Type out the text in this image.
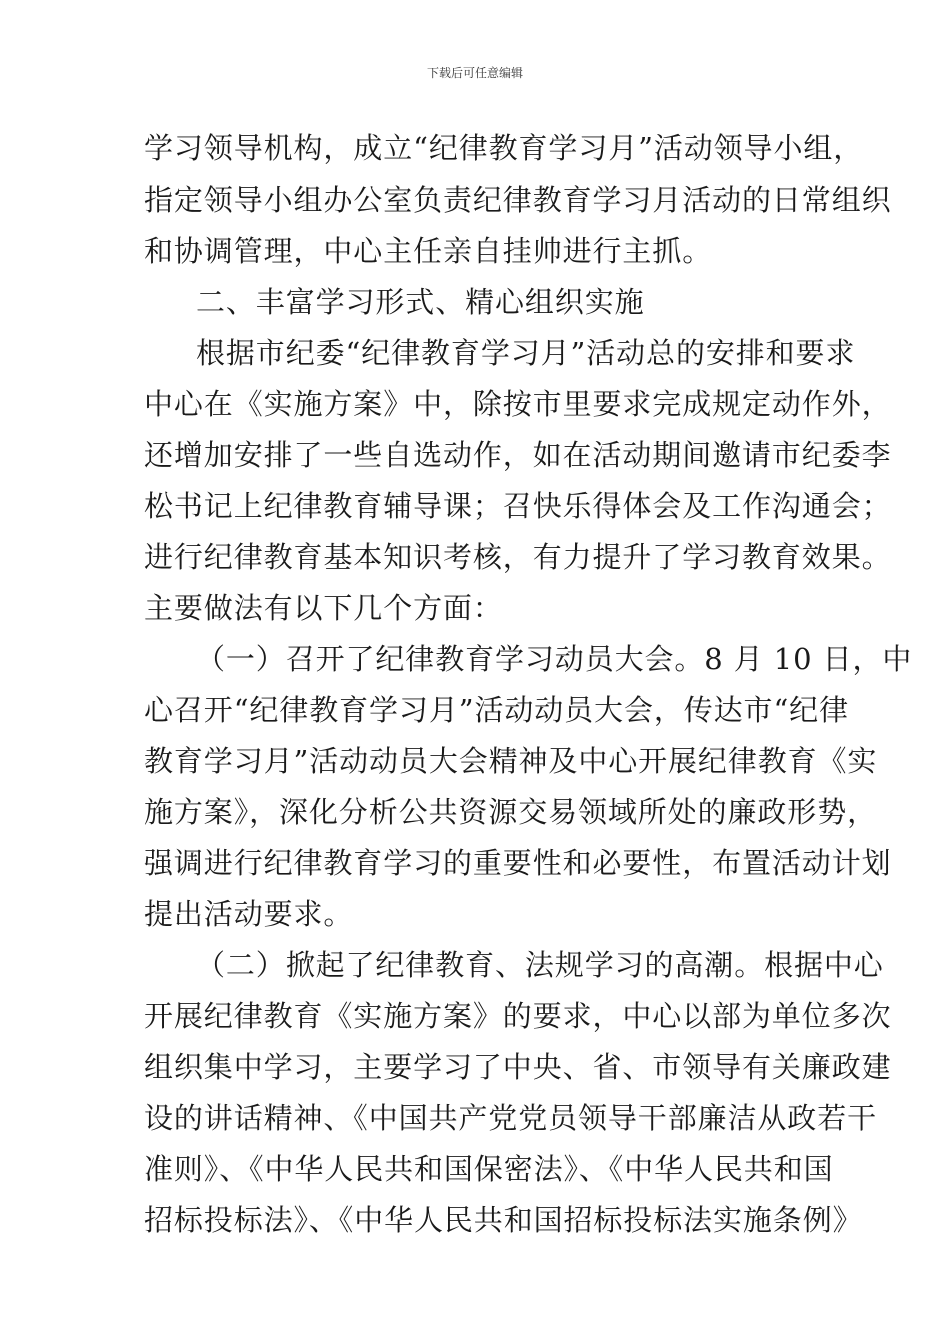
下载后可任意编辑
学习领导机构，成立“纪律教育学习月”活动领导小组，
指定领导小组办公室负责纪律教育学习月活动的日常组织
和协调管理，中心主任亲自挂帅进行主抓。
二、丰富学习形式、精心组织实施
根据市纪委“纪律教育学习月”活动总的安排和要求
中心在《实施方案》中，除按市里要求完成规定动作外，
还增加安排了一些自选动作，如在活动期间邀请市纪委李
松书记上纪律教育辅导课；召快乐得体会及工作沟通会；
进行纪律教育基本知识考核，有力提升了学习教育效果。
主要做法有以下几个方面：
（一）召开了纪律教育学习动员大会。8 月 10 日，中
心召开“纪律教育学习月”活动动员大会，传达市“纪律
教育学习月”活动动员大会精神及中心开展纪律教育《实
施方案》，深化分析公共资源交易领域所处的廉政形势，
强调进行纪律教育学习的重要性和必要性，布置活动计划
提出活动要求。
（二）掀起了纪律教育、法规学习的高潮。根据中心
开展纪律教育《实施方案》的要求，中心以部为单位多次
组织集中学习，主要学习了中央、省、市领导有关廉政建
设的讲话精神、《中国共产党党员领导干部廉洁从政若干
准则》、《中华人民共和国保密法》、《中华人民共和国
招标投标法》、《中华人民共和国招标投标法实施条例》
